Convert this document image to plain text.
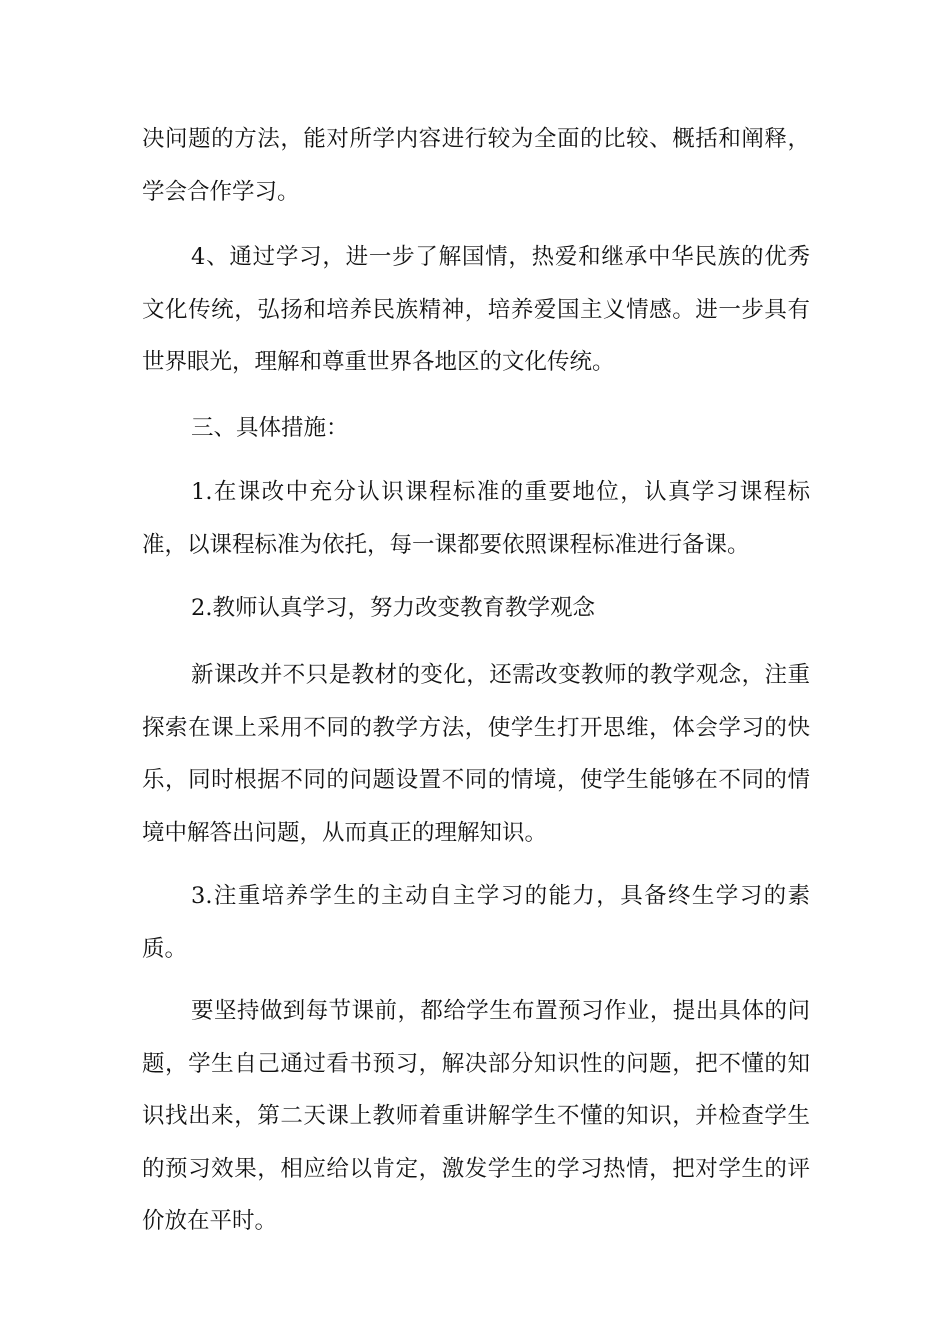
决问题的方法，能对所学内容进行较为全面的比较、概括和阐释，学会合作学习。

4、通过学习，进一步了解国情，热爱和继承中华民族的优秀文化传统，弘扬和培养民族精神，培养爱国主义情感。进一步具有世界眼光，理解和尊重世界各地区的文化传统。

三、具体措施：

1.在课改中充分认识课程标准的重要地位，认真学习课程标准，以课程标准为依托，每一课都要依照课程标准进行备课。

2.教师认真学习，努力改变教育教学观念

新课改并不只是教材的变化，还需改变教师的教学观念，注重探索在课上采用不同的教学方法，使学生打开思维，体会学习的快乐，同时根据不同的问题设置不同的情境，使学生能够在不同的情境中解答出问题，从而真正的理解知识。

3.注重培养学生的主动自主学习的能力，具备终生学习的素质。

要坚持做到每节课前，都给学生布置预习作业，提出具体的问题，学生自己通过看书预习，解决部分知识性的问题，把不懂的知识找出来，第二天课上教师着重讲解学生不懂的知识，并检查学生的预习效果，相应给以肯定，激发学生的学习热情，把对学生的评价放在平时。
